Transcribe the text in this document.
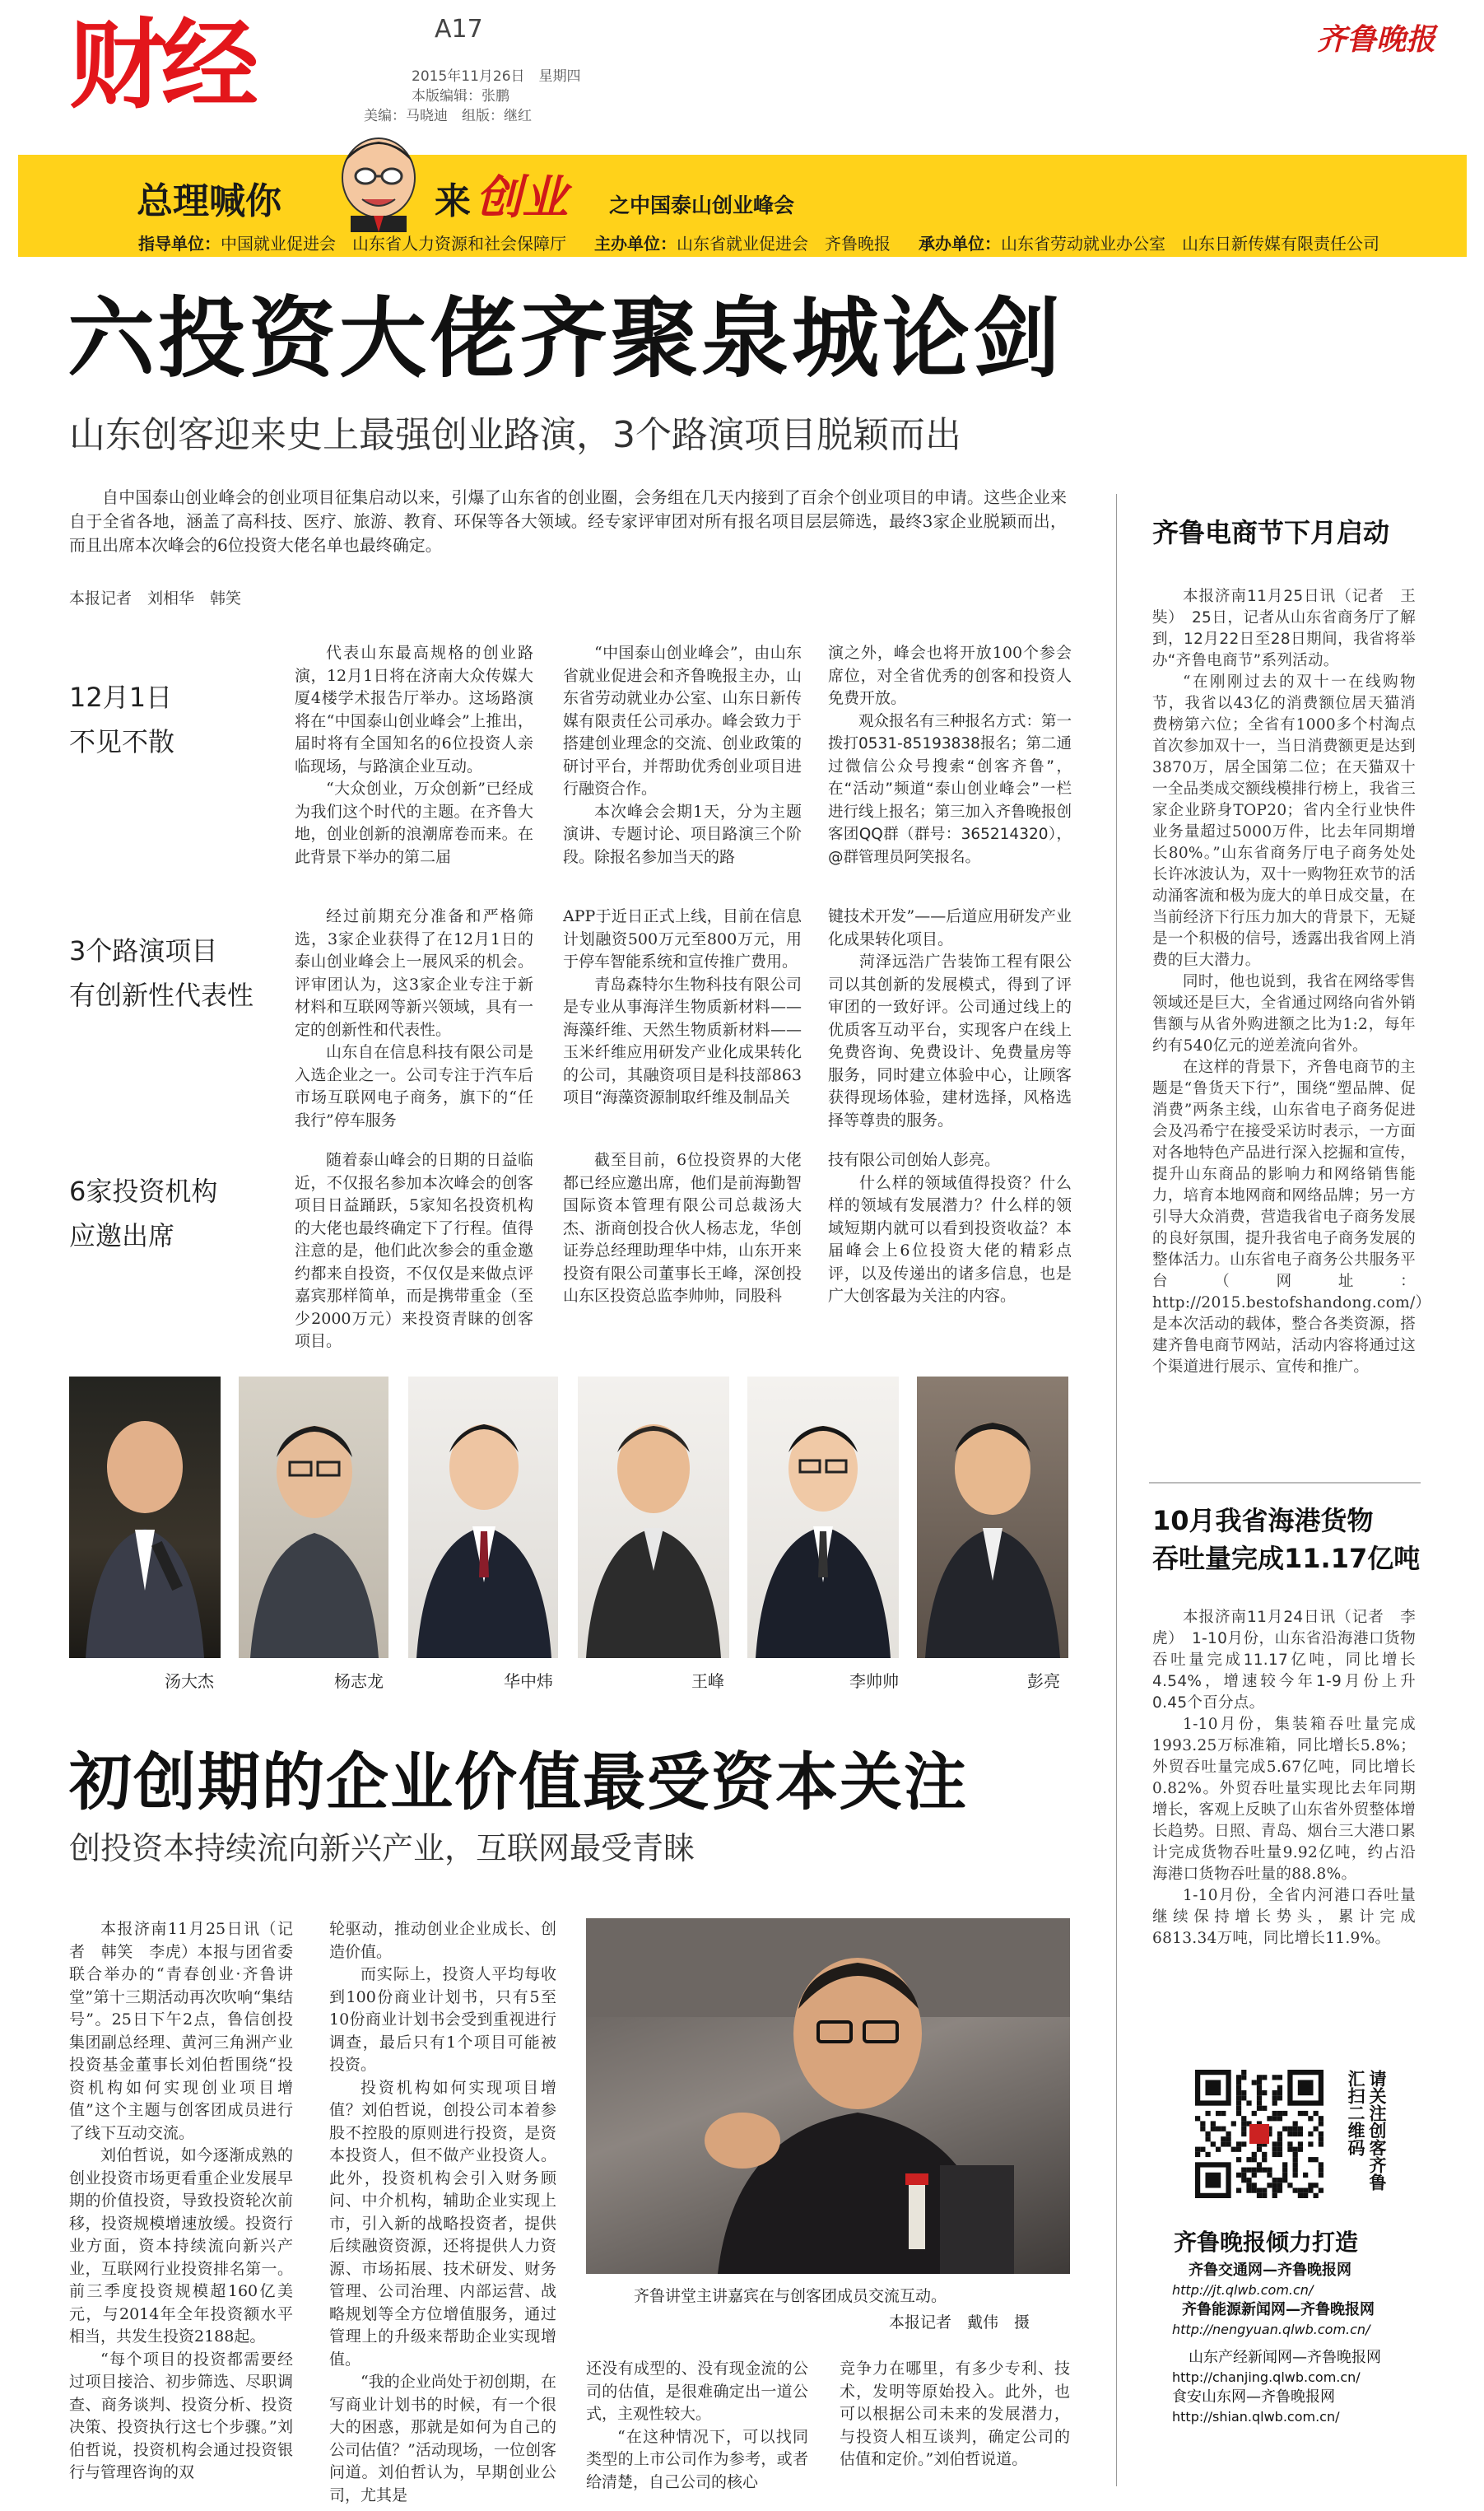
财经	A17
2015年11月26日　星期四
本版编辑：张鹏
美编：马晓迪　组版：继红
齐鲁晚报
总理喊你	来 创业 之中国泰山创业峰会
指导单位：中国就业促进会　山东省人力资源和社会保障厅 主办单位：山东省就业促进会　齐鲁晚报 承办单位：山东省劳动就业办公室　山东日新传媒有限责任公司
六投资大佬齐聚泉城论剑
山东创客迎来史上最强创业路演，3个路演项目脱颖而出

自中国泰山创业峰会的创业项目征集启动以来，引爆了山东省的创业圈，会务组在几天内接到了百余个创业项目的申请。这些企业来自于全省各地，涵盖了高科技、医疗、旅游、教育、环保等各大领域。经专家评审团对所有报名项目层层筛选，最终3家企业脱颖而出，而且出席本次峰会的6位投资大佬名单也最终确定。

本报记者　刘相华　韩笑
12月1日
不见不散
3个路演项目
有创新性代表性
6家投资机构
应邀出席

代表山东最高规格的创业路演，12月1日将在济南大众传媒大厦4楼学术报告厅举办。这场路演将在“中国泰山创业峰会”上推出，届时将有全国知名的6位投资人亲临现场，与路演企业互动。

“大众创业，万众创新”已经成为我们这个时代的主题。在齐鲁大地，创业创新的浪潮席卷而来。在此背景下举办的第二届

“中国泰山创业峰会”，由山东省就业促进会和齐鲁晚报主办，山东省劳动就业办公室、山东日新传媒有限责任公司承办。峰会致力于搭建创业理念的交流、创业政策的研讨平台，并帮助优秀创业项目进行融资合作。

本次峰会会期1天，分为主题演讲、专题讨论、项目路演三个阶段。除报名参加当天的路

演之外，峰会也将开放100个参会席位，对全省优秀的创客和投资人免费开放。

观众报名有三种报名方式：第一拨打0531-85193838报名；第二通过微信公众号搜索“创客齐鲁”，在“活动”频道“泰山创业峰会”一栏进行线上报名；第三加入齐鲁晚报创客团QQ群（群号：365214320），@群管理员阿笑报名。

经过前期充分准备和严格筛选，3家企业获得了在12月1日的泰山创业峰会上一展风采的机会。评审团认为，这3家企业专注于新材料和互联网等新兴领域，具有一定的创新性和代表性。

山东自在信息科技有限公司是入选企业之一。公司专注于汽车后市场互联网电子商务，旗下的“任我行”停车服务

APP于近日正式上线，目前在信息计划融资500万元至800万元，用于停车智能系统和宣传推广费用。

青岛森特尔生物科技有限公司是专业从事海洋生物质新材料——海藻纤维、天然生物质新材料——玉米纤维应用研发产业化成果转化的公司，其融资项目是科技部863项目“海藻资源制取纤维及制品关

键技术开发”——后道应用研发产业化成果转化项目。

菏泽远浩广告装饰工程有限公司以其创新的发展模式，得到了评审团的一致好评。公司通过线上的优质客互动平台，实现客户在线上免费咨询、免费设计、免费量房等服务，同时建立体验中心，让顾客获得现场体验，建材选择，风格选择等尊贵的服务。

随着泰山峰会的日期的日益临近，不仅报名参加本次峰会的创客项目日益踊跃，5家知名投资机构的大佬也最终确定下了行程。值得注意的是，他们此次参会的重金邀约都来自投资，不仅仅是来做点评嘉宾那样简单，而是携带重金（至少2000万元）来投资青睐的创客项目。

截至目前，6位投资界的大佬都已经应邀出席，他们是前海勤智国际资本管理有限公司总裁汤大杰、浙商创投合伙人杨志龙，华创证券总经理助理华中炜，山东开来投资有限公司董事长王峰，深创投山东区投资总监李帅帅，同股科

技有限公司创始人彭亮。

什么样的领域值得投资？什么样的领域有发展潜力？什么样的领域短期内就可以看到投资收益？本届峰会上6位投资大佬的精彩点评，以及传递出的诸多信息，也是广大创客最为关注的内容。

汤大杰	杨志龙	华中炜	王峰	李帅帅	彭亮
初创期的企业价值最受资本关注
创投资本持续流向新兴产业，互联网最受青睐

本报济南11月25日讯（记者　韩笑　李虎）本报与团省委联合举办的“青春创业·齐鲁讲堂”第十三期活动再次吹响“集结号”。25日下午2点，鲁信创投集团副总经理、黄河三角洲产业投资基金董事长刘伯哲围绕“投资机构如何实现创业项目增值”这个主题与创客团成员进行了线下互动交流。

刘伯哲说，如今逐渐成熟的创业投资市场更看重企业发展早期的价值投资，导致投资轮次前移，投资规模增速放缓。投资行业方面，资本持续流向新兴产业，互联网行业投资排名第一。前三季度投资规模超160亿美元，与2014年全年投资额水平相当，共发生投资2188起。

“每个项目的投资都需要经过项目接洽、初步筛选、尽职调查、商务谈判、投资分析、投资决策、投资执行这七个步骤。”刘伯哲说，投资机构会通过投资银行与管理咨询的双

轮驱动，推动创业企业成长、创造价值。

而实际上，投资人平均每收到100份商业计划书，只有5至10份商业计划书会受到重视进行调查，最后只有1个项目可能被投资。

投资机构如何实现项目增值？刘伯哲说，创投公司本着参股不控股的原则进行投资，是资本投资人，但不做产业投资人。此外，投资机构会引入财务顾问、中介机构，辅助企业实现上市，引入新的战略投资者，提供后续融资资源，还将提供人力资源、市场拓展、技术研发、财务管理、公司治理、内部运营、战略规划等全方位增值服务，通过管理上的升级来帮助企业实现增值。

“我的企业尚处于初创期，在写商业计划书的时候，有一个很大的困惑，那就是如何为自己的公司估值？”活动现场，一位创客问道。刘伯哲认为，早期创业公司，尤其是

齐鲁讲堂主讲嘉宾在与创客团成员交流互动。
本报记者　戴伟　摄

还没有成型的、没有现金流的公司的估值，是很难确定出一道公式，主观性较大。

“在这种情况下，可以找同类型的上市公司作为参考，或者给清楚，自己公司的核心

竞争力在哪里，有多少专利、技术，发明等原始投入。此外，也可以根据公司未来的发展潜力，与投资人相互谈判，确定公司的估值和定价。”刘伯哲说道。

齐鲁电商节下月启动

本报济南11月25日讯（记者　王奘）　25日，记者从山东省商务厅了解到，12月22日至28日期间，我省将举办“齐鲁电商节”系列活动。

“在刚刚过去的双十一在线购物节，我省以43亿的消费额位居天猫消费榜第六位；全省有1000多个村淘点首次参加双十一，当日消费额更是达到3870万，居全国第二位；在天猫双十一全品类成交额线模排行榜上，我省三家企业跻身TOP20；省内全行业快件业务量超过5000万件，比去年同期增长80%。”山东省商务厅电子商务处处长许冰波认为，双十一购物狂欢节的活动涌客流和极为庞大的单日成交量，在当前经济下行压力加大的背景下，无疑是一个积极的信号，透露出我省网上消费的巨大潜力。

同时，他也说到，我省在网络零售领域还是巨大，全省通过网络向省外销售额与从省外购进额之比为1:2，每年约有540亿元的逆差流向省外。

在这样的背景下，齐鲁电商节的主题是“鲁货天下行”，围绕“塑品牌、促消费”两条主线，山东省电子商务促进会及冯希宁在接受采访时表示，一方面对各地特色产品进行深入挖掘和宣传，提升山东商品的影响力和网络销售能力，培育本地网商和网络品牌；另一方引导大众消费，营造我省电子商务发展的良好氛围，提升我省电子商务发展的整体活力。山东省电子商务公共服务平台（网址：http://2015.bestofshandong.com/）是本次活动的载体，整合各类资源，搭建齐鲁电商节网站，活动内容将通过这个渠道进行展示、宣传和推广。

10月我省海港货物
吞吐量完成11.17亿吨

本报济南11月24日讯（记者　李虎）　1-10月份，山东省沿海港口货物吞吐量完成11.17亿吨，同比增长4.54%，增速较今年1-9月份上升0.45个百分点。

1-10月份，集装箱吞吐量完成1993.25万标准箱，同比增长5.8%；外贸吞吐量完成5.67亿吨，同比增长0.82%。外贸吞吐量实现比去年同期增长，客观上反映了山东省外贸整体增长趋势。日照、青岛、烟台三大港口累计完成货物吞吐量9.92亿吨，约占沿海港口货物吞吐量的88.8%。

1-10月份，全省内河港口吞吐量继续保持增长势头，累计完成6813.34万吨，同比增长11.9%。

请关注创客齐鲁汇扫二维码
齐鲁晚报倾力打造
齐鲁交通网—齐鲁晚报网
http://jt.qlwb.com.cn/
齐鲁能源新闻网—齐鲁晚报网
http://nengyuan.qlwb.com.cn/
山东产经新闻网—齐鲁晚报网
http://chanjing.qlwb.com.cn/
食安山东网—齐鲁晚报网
http://shian.qlwb.com.cn/
